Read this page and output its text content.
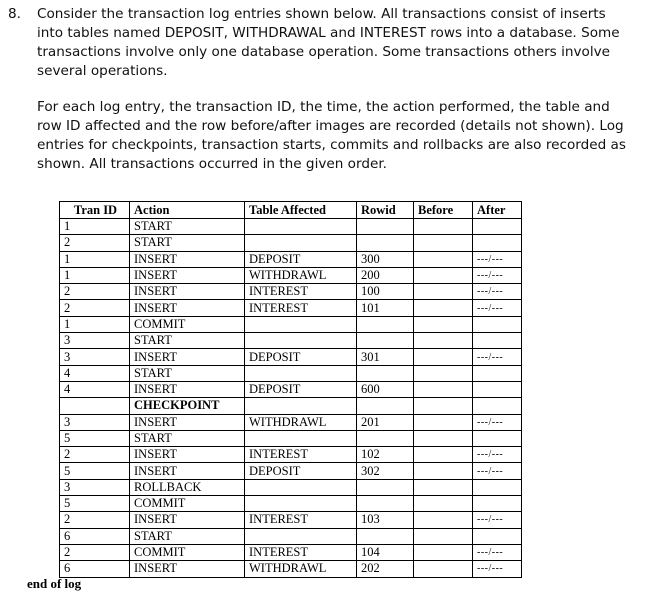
8. Consider the transaction log entries shown below. All transactions consist of inserts into tables named DEPOSIT, WITHDRAWAL and INTEREST rows into a database. Some transactions involve only one database operation. Some transactions others involve several operations.

For each log entry, the transaction ID, the time, the action performed, the table and row ID affected and the row before/after images are recorded (details not shown). Log entries for checkpoints, transaction starts, commits and rollbacks are also recorded as shown. All transactions occurred in the given order.

Tran ID	Action	Table Affected	Rowid	Before	After
1	START				
2	START				
1	INSERT	DEPOSIT	300		---/---
1	INSERT	WITHDRAWL	200		---/---
2	INSERT	INTEREST	100		---/---
2	INSERT	INTEREST	101		---/---
1	COMMIT				
3	START				
3	INSERT	DEPOSIT	301		---/---
4	START				
4	INSERT	DEPOSIT	600		
	CHECKPOINT				
3	INSERT	WITHDRAWL	201		---/---
5	START				
2	INSERT	INTEREST	102		---/---
5	INSERT	DEPOSIT	302		---/---
3	ROLLBACK				
5	COMMIT				
2	INSERT	INTEREST	103		---/---
6	START				
2	COMMIT	INTEREST	104		---/---
6	INSERT	WITHDRAWL	202		---/---
end of log
